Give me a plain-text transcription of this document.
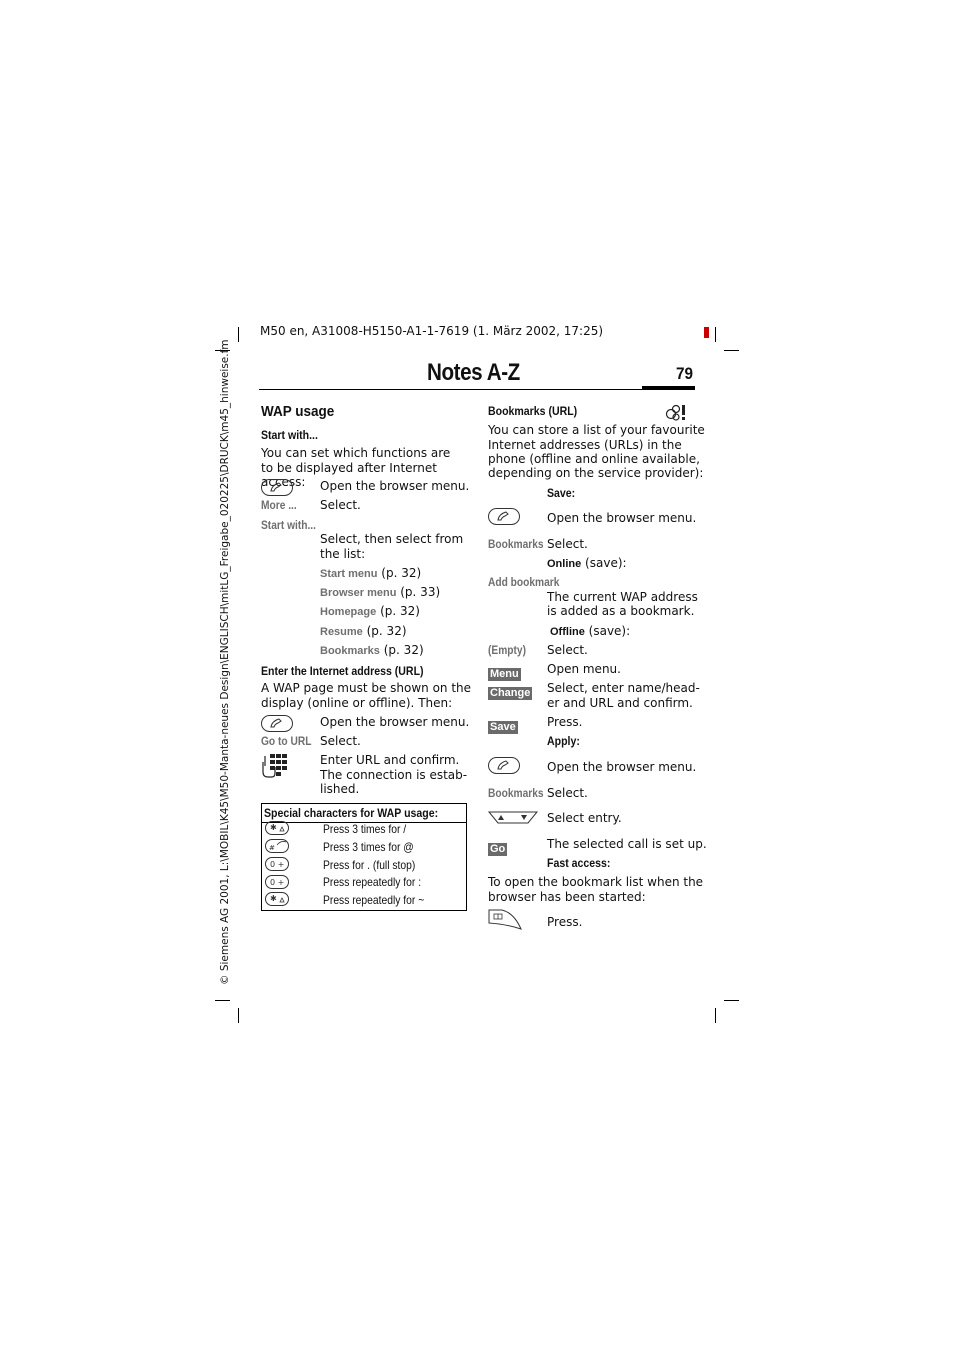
M50 en, A31008-H5150-A1-1-7619 (1. März 2002, 17:25)
© Siemens AG 2001, L:\MOBIL\K45\M50-Manta-neues Design\ENGLISCH\mitLG_Freigabe_020225\DRUCK\m45_hinweise.fm	Notes A-Z	79
WAP usage
Start with...
You can set which functions are to be displayed after Internet access:	Open the browser menu.
More ... Select.
Start with...
Select, then select from
the list:
Start menu (p. 32)
Browser menu (p. 33)
Homepage (p. 32)
Resume (p. 32)
Bookmarks (p. 32)
Enter the Internet address (URL)
A WAP page must be shown on the
display (online or offline). Then:
Open the browser menu.
Go to URL Select.
Enter URL and confirm.
The connection is estab-
lished.
Special characters for WAP usage:
✱	Press 3 times for /
#	Press 3 times for @
0 +	Press for . (full stop)
0 +	Press repeatedly for :
✱	Press repeatedly for ~
Bookmarks (URL)
You can store a list of your favourite
Internet addresses (URLs) in the
phone (offline and online available,
depending on the service provider):
Save:
Open the browser menu.
Bookmarks Select.
Online (save):
Add bookmark
The current WAP address
is added as a bookmark.
Offline (save):
(Empty) Select.
Menu Open menu.
Change Select, enter name/head-
er and URL and confirm.
Save	Press.
Apply:
Open the browser menu.
Bookmarks Select.
Select entry.
Go	The selected call is set up.
Fast access:
To open the bookmark list when the
browser has been started:
Press.
